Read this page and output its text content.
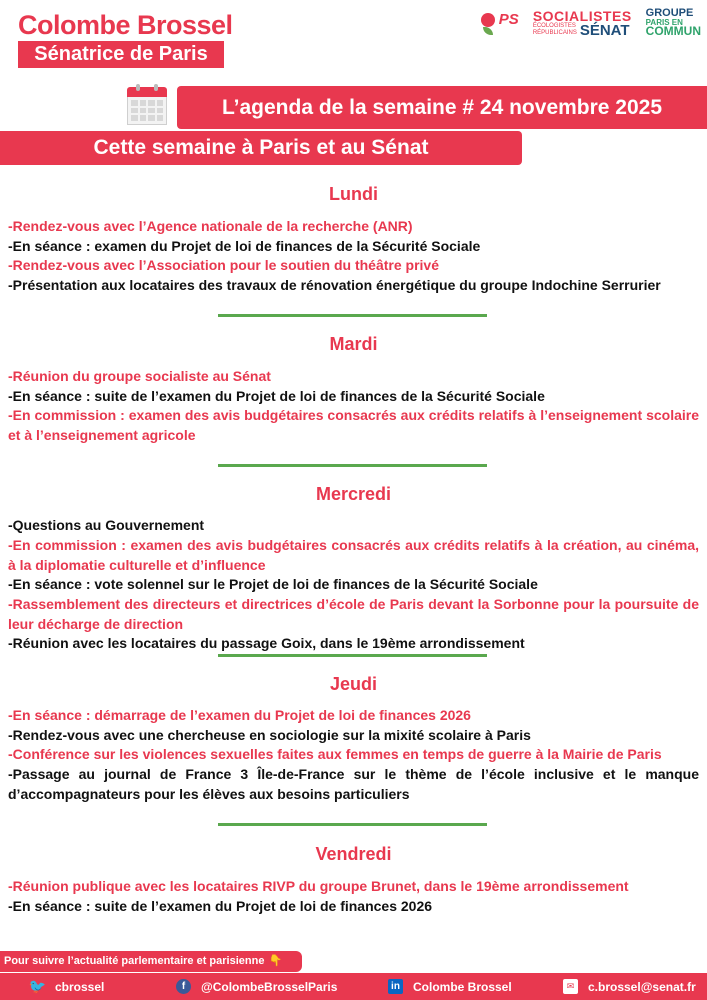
Colombe Brossel
Sénatrice de Paris
PS SOCIALISTES
ÉCOLOGISTES
RÉPUBLICAINS SÉNAT
GROUPE
PARIS EN
COMMUN
L’agenda de la semaine # 24 novembre 2025
Cette semaine à Paris et au Sénat
Lundi
-Rendez-vous avec l’Agence nationale de la recherche (ANR)
-En séance : examen du Projet de loi de finances de la Sécurité Sociale
-Rendez-vous avec l’Association pour le soutien du théâtre privé
-Présentation aux locataires des travaux de rénovation énergétique du groupe Indochine Serrurier
Mardi
-Réunion du groupe socialiste au Sénat
-En séance : suite de l’examen du Projet de loi de finances de la Sécurité Sociale
-En commission : examen des avis budgétaires consacrés aux crédits relatifs à l’enseignement scolaire et à l’enseignement agricole
Mercredi
-Questions au Gouvernement
-En commission : examen des avis budgétaires consacrés aux crédits relatifs à la création, au cinéma, à la diplomatie culturelle et d’influence
-En séance : vote solennel sur le Projet de loi de finances de la Sécurité Sociale
-Rassemblement des directeurs et directrices d’école de Paris devant la Sorbonne pour la poursuite de leur décharge de direction
-Réunion avec les locataires du passage Goix, dans le 19ème arrondissement
Jeudi
-En séance : démarrage de l’examen du Projet de loi de finances 2026
-Rendez-vous avec une chercheuse en sociologie sur la mixité scolaire à Paris
-Conférence sur les violences sexuelles faites aux femmes en temps de guerre à la Mairie de Paris
-Passage au journal de France 3 Île-de-France sur le thème de l’école inclusive et le manque d’accompagnateurs pour les élèves aux besoins particuliers
Vendredi
-Réunion publique avec les locataires RIVP du groupe Brunet, dans le 19ème arrondissement
-En séance : suite de l’examen du Projet de loi de finances 2026
Pour suivre l’actualité parlementaire et parisienne 👇
🐦 cbrossel	f	@ColombeBrosselParis	in Colombe Brossel	✉	c.brossel@senat.fr
